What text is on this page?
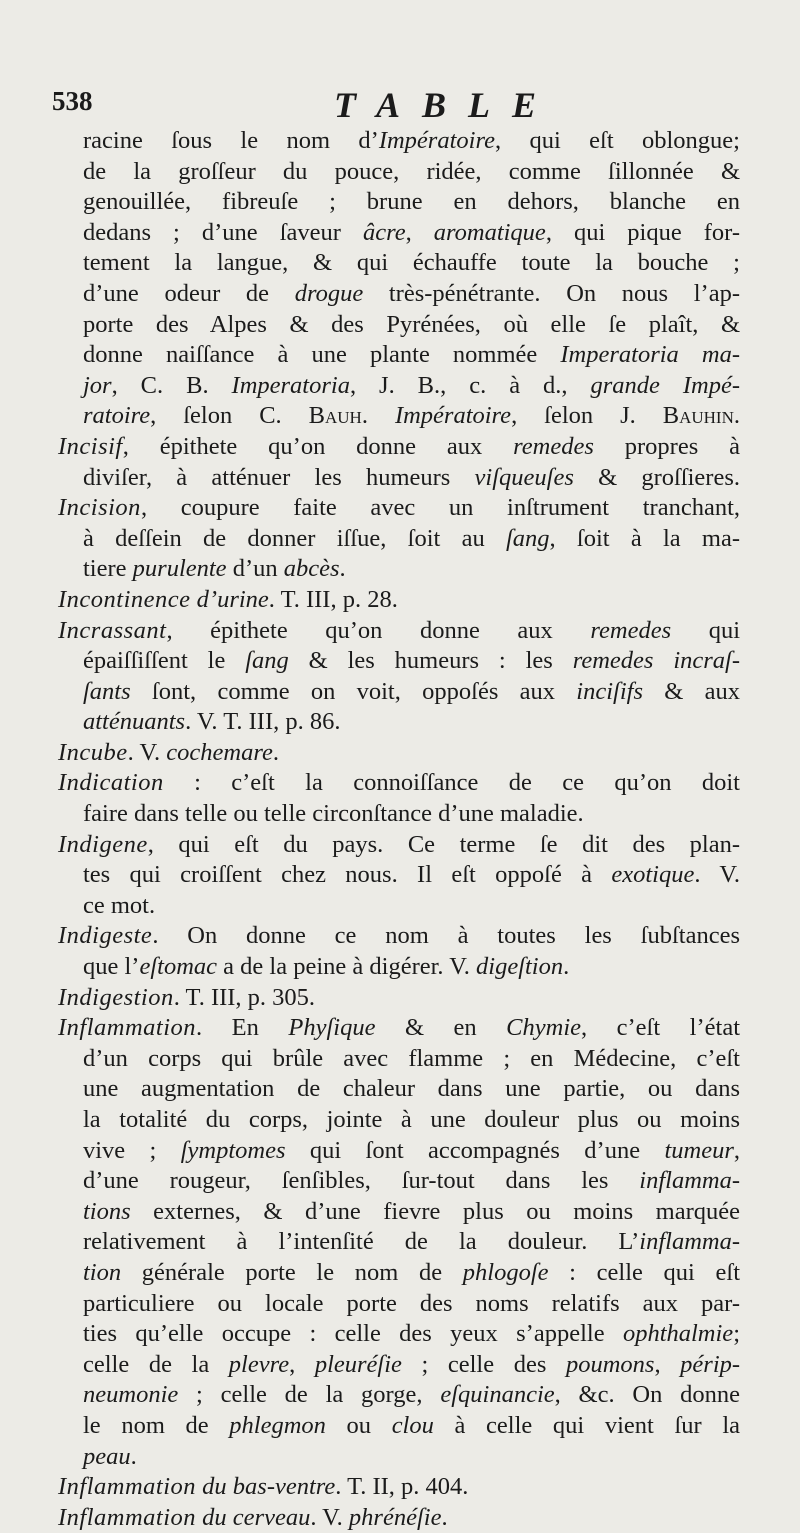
538	TABLE
racine ſous le nom d’Impératoire, qui eſt oblongue;
de la groſſeur du pouce, ridée, comme ſillonnée &
genouillée, fibreuſe ; brune en dehors, blanche en
dedans ; d’une ſaveur âcre, aromatique, qui pique for-
tement la langue, & qui échauffe toute la bouche ;
d’une odeur de drogue très-pénétrante. On nous l’ap-
porte des Alpes & des Pyrénées, où elle ſe plaît, &
donne naiſſance à une plante nommée Imperatoria ma-
jor, C. B. Imperatoria, J. B., c. à d., grande Impé-
ratoire, ſelon C. Bauh. Impératoire, ſelon J. Bauhin.
Incisif, épithete qu’on donne aux remedes propres à
diviſer, à atténuer les humeurs viſqueuſes & groſſieres.
Incision, coupure faite avec un inſtrument tranchant,
à deſſein de donner iſſue, ſoit au ſang, ſoit à la ma-
tiere purulente d’un abcès.
Incontinence d’urine. T. III, p. 28.
Incrassant, épithete qu’on donne aux remedes qui
épaiſſiſſent le ſang & les humeurs : les remedes incraſ-
ſants ſont, comme on voit, oppoſés aux inciſifs & aux
atténuants. V. T. III, p. 86.
Incube. V. cochemare.
Indication : c’eſt la connoiſſance de ce qu’on doit
faire dans telle ou telle circonſtance d’une maladie.
Indigene, qui eſt du pays. Ce terme ſe dit des plan-
tes qui croiſſent chez nous. Il eſt oppoſé à exotique. V.
ce mot.
Indigeste. On donne ce nom à toutes les ſubſtances
que l’eſtomac a de la peine à digérer. V. digeſtion.
Indigestion. T. III, p. 305.
Inflammation. En Phyſique & en Chymie, c’eſt l’état
d’un corps qui brûle avec flamme ; en Médecine, c’eſt
une augmentation de chaleur dans une partie, ou dans
la totalité du corps, jointe à une douleur plus ou moins
vive ; ſymptomes qui ſont accompagnés d’une tumeur,
d’une rougeur, ſenſibles, ſur-tout dans les inflamma-
tions externes, & d’une fievre plus ou moins marquée
relativement à l’intenſité de la douleur. L’inflamma-
tion générale porte le nom de phlogoſe : celle qui eſt
particuliere ou locale porte des noms relatifs aux par-
ties qu’elle occupe : celle des yeux s’appelle ophthalmie;
celle de la plevre, pleuréſie ; celle des poumons, périp-
neumonie ; celle de la gorge, eſquinancie, &c. On donne
le nom de phlegmon ou clou à celle qui vient ſur la
peau.
Inflammation du bas-ventre. T. II, p. 404.
Inflammation du cerveau. V. phrénéſie.
